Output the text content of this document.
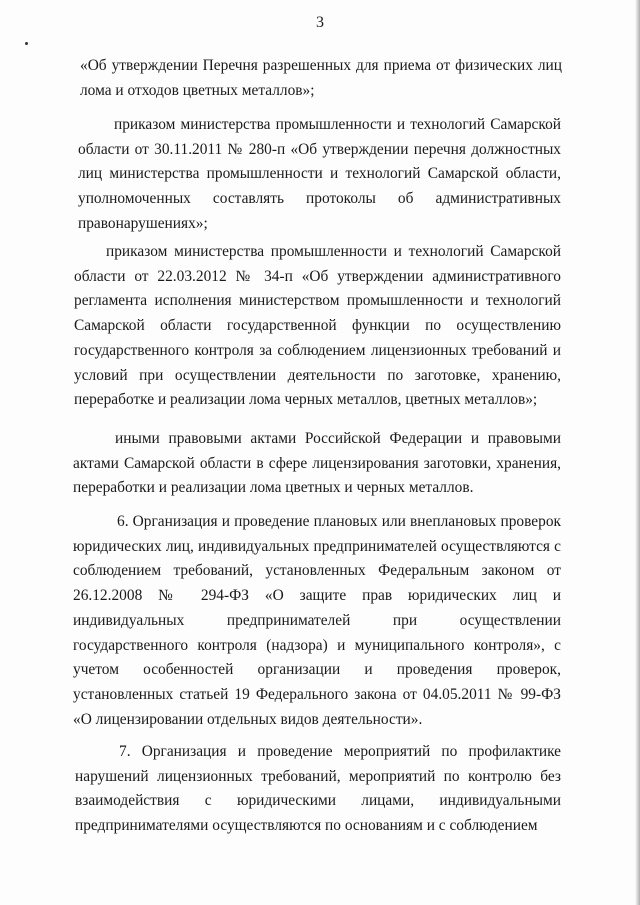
3

«Об утверждении Перечня разрешенных для приема от физических лиц лома и отходов цветных металлов»;

приказом министерства промышленности и технологий Самарской области от 30.11.2011 № 280-п «Об утверждении перечня должностных лиц министерства промышленности и технологий Самарской области, уполномоченных составлять протоколы об административных правонарушениях»;

приказом министерства промышленности и технологий Самарской области от 22.03.2012 № 34-п «Об утверждении административного регламента исполнения министерством промышленности и технологий Самарской области государственной функции по осуществлению государственного контроля за соблюдением лицензионных требований и условий при осуществлении деятельности по заготовке, хранению, переработке и реализации лома черных металлов, цветных металлов»;

иными правовыми актами Российской Федерации и правовыми актами Самарской области в сфере лицензирования заготовки, хранения, переработки и реализации лома цветных и черных металлов.

6. Организация и проведение плановых или внеплановых проверок юридических лиц, индивидуальных предпринимателей осуществляются с соблюдением требований, установленных Федеральным законом от 26.12.2008 № 294-ФЗ «О защите прав юридических лиц и индивидуальных предпринимателей при осуществлении государственного контроля (надзора) и муниципального контроля», с учетом особенностей организации и проведения проверок, установленных статьей 19 Федерального закона от 04.05.2011 № 99-ФЗ «О лицензировании отдельных видов деятельности».

7. Организация и проведение мероприятий по профилактике нарушений лицензионных требований, мероприятий по контролю без взаимодействия с юридическими лицами, индивидуальными предпринимателями осуществляются по основаниям и с соблюдением
